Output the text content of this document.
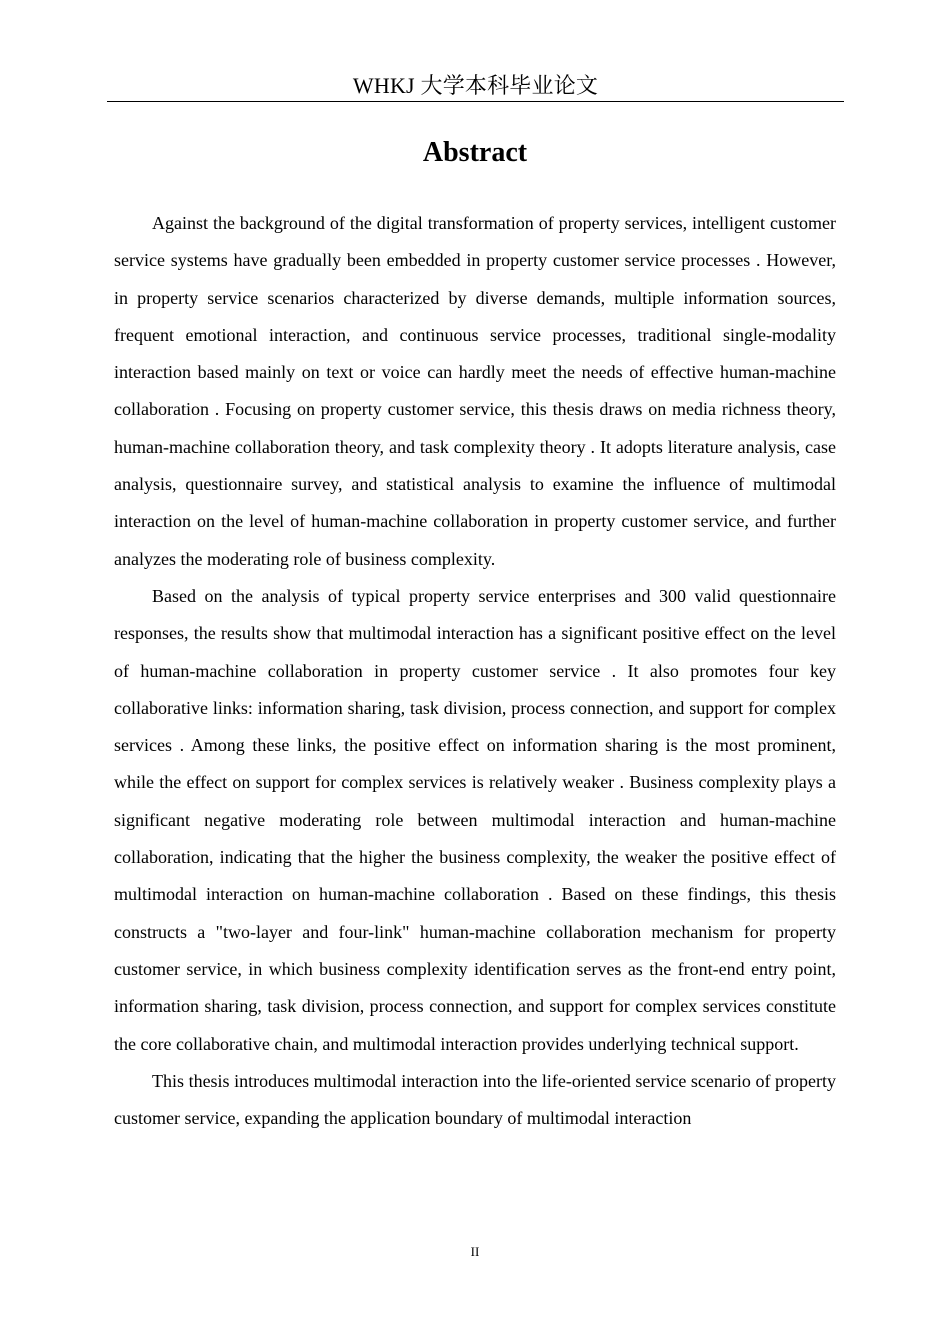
WHKJ 大学本科毕业论文
Abstract

Against the background of the digital transformation of property services, intelligent customer service systems have gradually been embedded in property customer service processes . However, in property service scenarios characterized by diverse demands, multiple information sources, frequent emotional interaction, and continuous service processes, traditional single-modality interaction based mainly on text or voice can hardly meet the needs of effective human-machine collaboration . Focusing on property customer service, this thesis draws on media richness theory, human-machine collaboration theory, and task complexity theory . It adopts literature analysis, case analysis, questionnaire survey, and statistical analysis to examine the influence of multimodal interaction on the level of human-machine collaboration in property customer service, and further analyzes the moderating role of business complexity.

Based on the analysis of typical property service enterprises and 300 valid questionnaire responses, the results show that multimodal interaction has a significant positive effect on the level of human-machine collaboration in property customer service . It also promotes four key collaborative links: information sharing, task division, process connection, and support for complex services . Among these links, the positive effect on information sharing is the most prominent, while the effect on support for complex services is relatively weaker . Business complexity plays a significant negative moderating role between multimodal interaction and human-machine collaboration, indicating that the higher the business complexity, the weaker the positive effect of multimodal interaction on human-machine collaboration . Based on these findings, this thesis constructs a "two-layer and four-link" human-machine collaboration mechanism for property customer service, in which business complexity identification serves as the front-end entry point, information sharing, task division, process connection, and support for complex services constitute the core collaborative chain, and multimodal interaction provides underlying technical support.

This thesis introduces multimodal interaction into the life-oriented service scenario of property customer service, expanding the application boundary of multimodal interaction

II
